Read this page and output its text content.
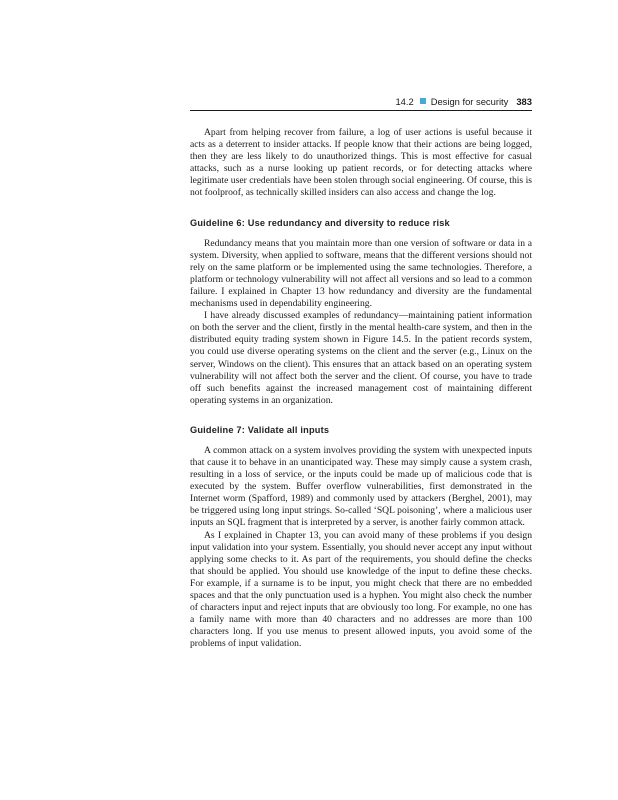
14.2 Design for security 383

Apart from helping recover from failure, a log of user actions is useful because it acts as a deterrent to insider attacks. If people know that their actions are being logged, then they are less likely to do unauthorized things. This is most effective for casual attacks, such as a nurse looking up patient records, or for detecting attacks where legitimate user credentials have been stolen through social engineering. Of course, this is not foolproof, as technically skilled insiders can also access and change the log.

Guideline 6: Use redundancy and diversity to reduce risk

Redundancy means that you maintain more than one version of software or data in a system. Diversity, when applied to software, means that the different versions should not rely on the same platform or be implemented using the same technologies. Therefore, a platform or technology vulnerability will not affect all versions and so lead to a common failure. I explained in Chapter 13 how redundancy and diversity are the fundamental mechanisms used in dependability engineering.

I have already discussed examples of redundancy—maintaining patient information on both the server and the client, firstly in the mental health-care system, and then in the distributed equity trading system shown in Figure 14.5. In the patient records system, you could use diverse operating systems on the client and the server (e.g., Linux on the server, Windows on the client). This ensures that an attack based on an operating system vulnerability will not affect both the server and the client. Of course, you have to trade off such benefits against the increased management cost of maintaining different operating systems in an organization.

Guideline 7: Validate all inputs

A common attack on a system involves providing the system with unexpected inputs that cause it to behave in an unanticipated way. These may simply cause a system crash, resulting in a loss of service, or the inputs could be made up of malicious code that is executed by the system. Buffer overflow vulnerabilities, first demonstrated in the Internet worm (Spafford, 1989) and commonly used by attackers (Berghel, 2001), may be triggered using long input strings. So-called ‘SQL poisoning’, where a malicious user inputs an SQL fragment that is interpreted by a server, is another fairly common attack.

As I explained in Chapter 13, you can avoid many of these problems if you design input validation into your system. Essentially, you should never accept any input without applying some checks to it. As part of the requirements, you should define the checks that should be applied. You should use knowledge of the input to define these checks. For example, if a surname is to be input, you might check that there are no embedded spaces and that the only punctuation used is a hyphen. You might also check the number of characters input and reject inputs that are obviously too long. For example, no one has a family name with more than 40 characters and no addresses are more than 100 characters long. If you use menus to present allowed inputs, you avoid some of the problems of input validation.
